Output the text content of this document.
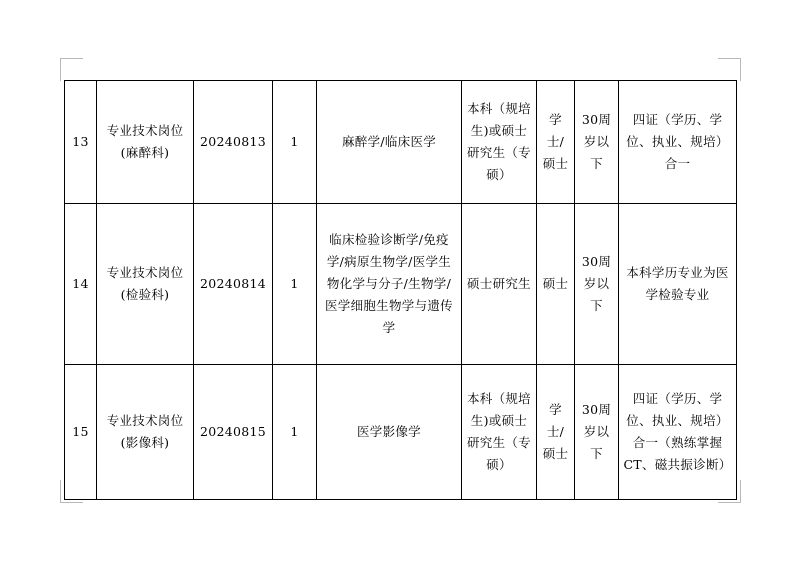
13	专业技术岗位(麻醉科)	20240813	1	麻醉学/临床医学	本科（规培生)或硕士研究生（专硕）	学士/硕士	30周岁以下	四证（学历、学位、执业、规培）合一
14	专业技术岗位(检验科)	20240814	1	临床检验诊断学/免疫学/病原生物学/医学生物化学与分子/生物学/医学细胞生物学与遗传学	硕士研究生	硕士	30周岁以下	本科学历专业为医学检验专业
15	专业技术岗位(影像科)	20240815	1	医学影像学	本科（规培生)或硕士研究生（专硕）	学士/硕士	30周岁以下	四证（学历、学位、执业、规培）合一（熟练掌握CT、磁共振诊断）
